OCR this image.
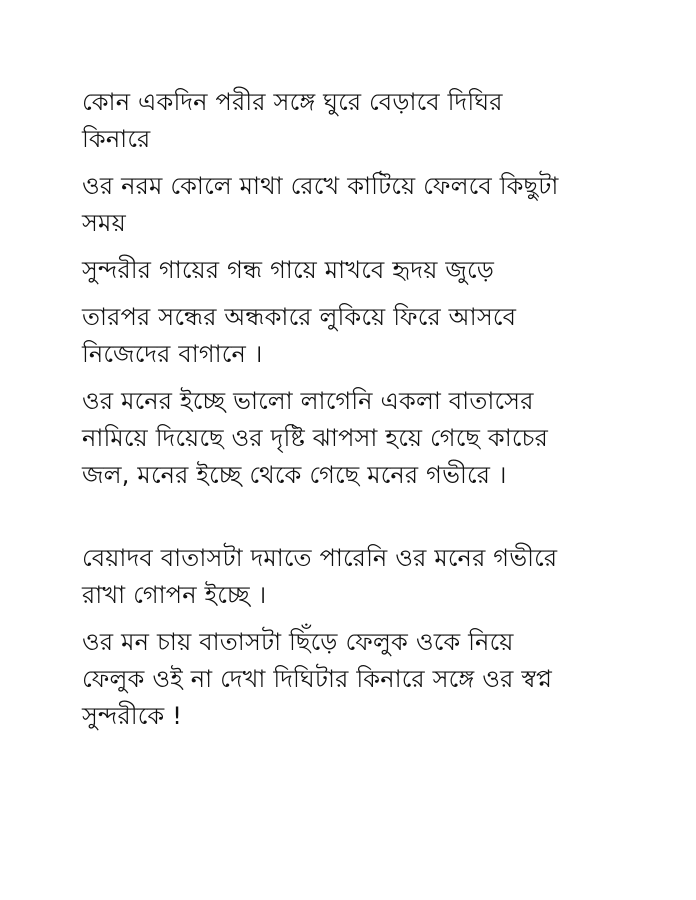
কোন একদিন পরীর সঙ্গে ঘুরে বেড়াবে দিঘির
কিনারে
ওর নরম কোলে মাথা রেখে কাটিয়ে ফেলবে কিছুটা
সময়
সুন্দরীর গায়ের গন্ধ গায়ে মাখবে হৃদয় জুড়ে
তারপর সন্ধের অন্ধকারে লুকিয়ে ফিরে আসবে
নিজেদের বাগানে ।
ওর মনের ইচ্ছে ভালো লাগেনি একলা বাতাসের
নামিয়ে দিয়েছে ওর দৃষ্টি ঝাপসা হয়ে গেছে কাচের
জল, মনের ইচ্ছে থেকে গেছে মনের গভীরে ।
বেয়াদব বাতাসটা দমাতে পারেনি ওর মনের গভীরে
রাখা গোপন ইচ্ছে ।
ওর মন চায় বাতাসটা ছিঁড়ে ফেলুক ওকে নিয়ে
ফেলুক ওই না দেখা দিঘিটার কিনারে সঙ্গে ওর স্বপ্ন
সুন্দরীকে !
